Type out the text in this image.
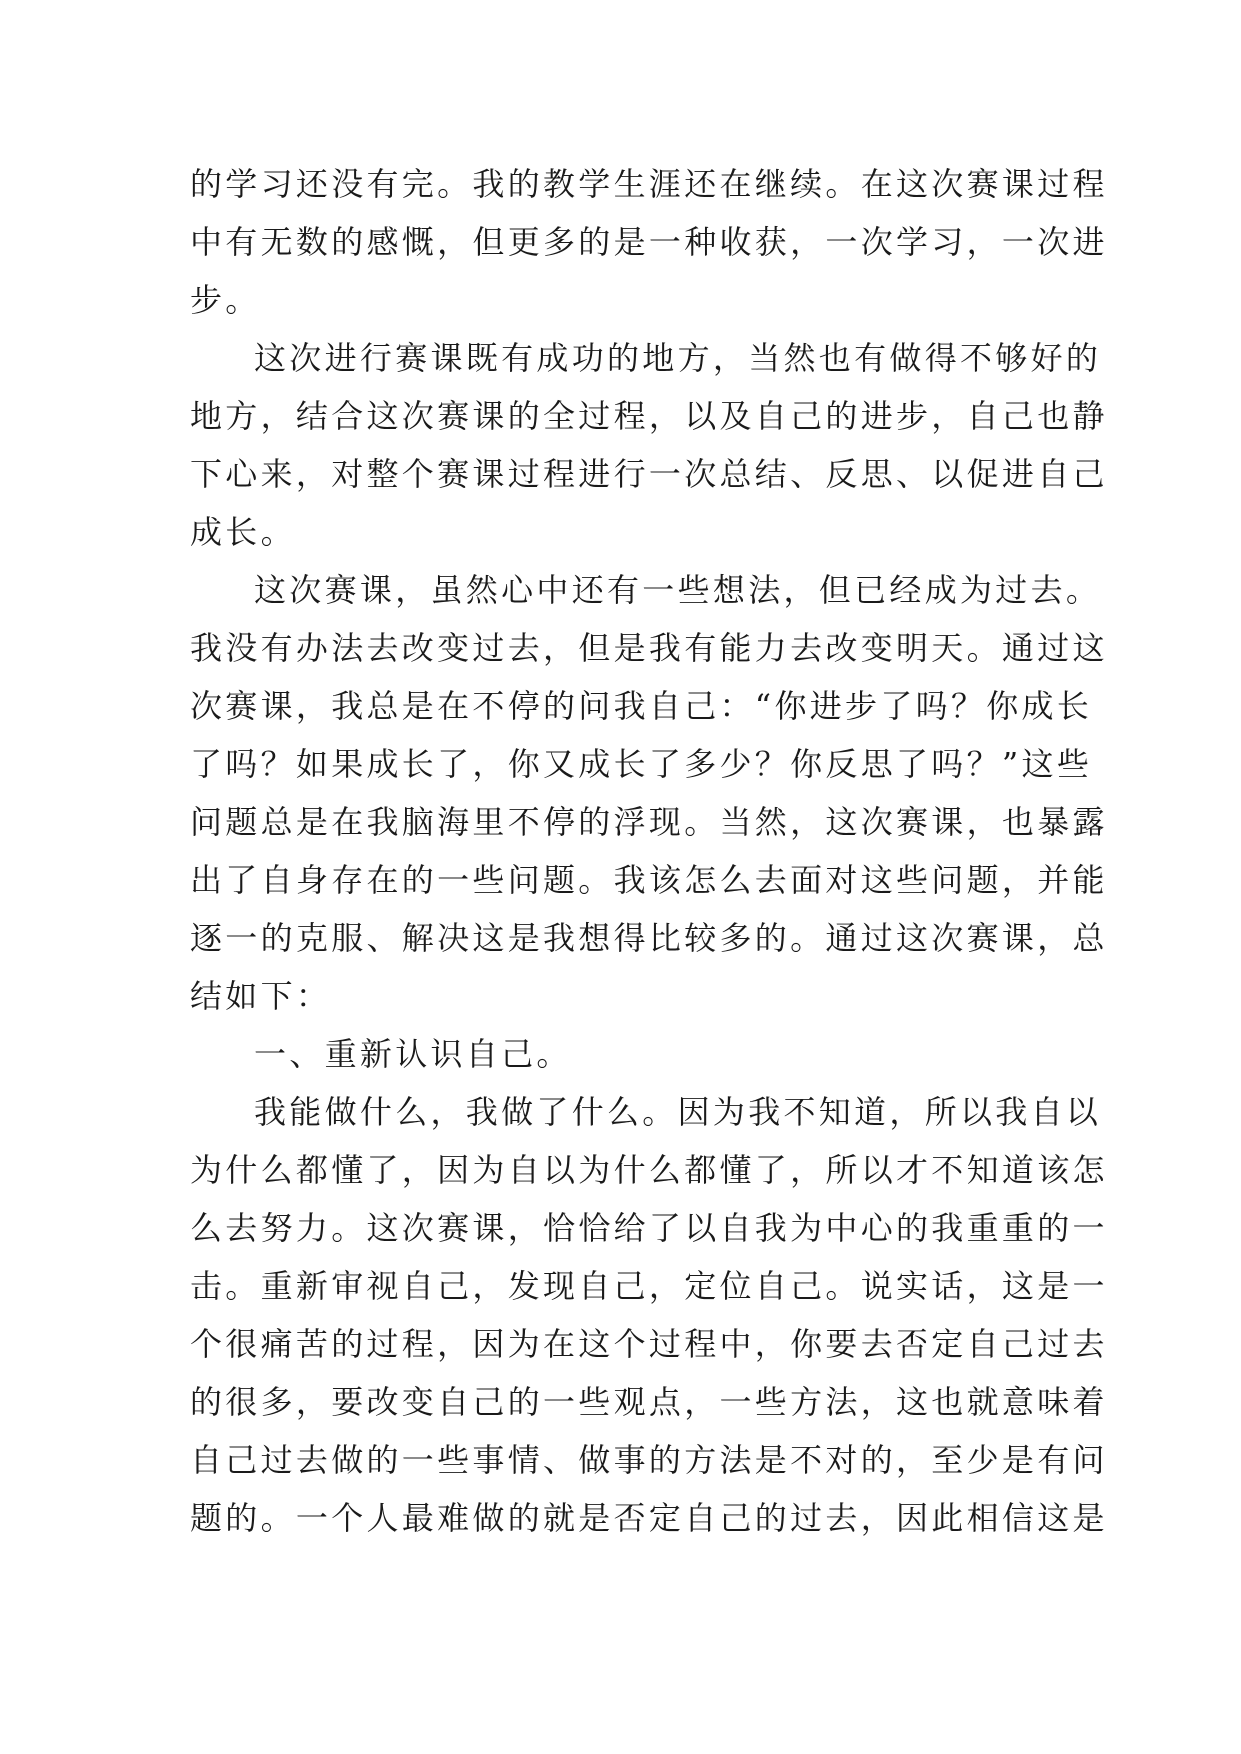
的学习还没有完。我的教学生涯还在继续。在这次赛课过程
中有无数的感慨，但更多的是一种收获，一次学习，一次进
步。
这次进行赛课既有成功的地方，当然也有做得不够好的
地方，结合这次赛课的全过程，以及自己的进步，自己也静
下心来，对整个赛课过程进行一次总结、反思、以促进自己
成长。
这次赛课，虽然心中还有一些想法，但已经成为过去。
我没有办法去改变过去，但是我有能力去改变明天。通过这
次赛课，我总是在不停的问我自己：“你进步了吗？你成长
了吗？如果成长了，你又成长了多少？你反思了吗？”这些
问题总是在我脑海里不停的浮现。当然，这次赛课，也暴露
出了自身存在的一些问题。我该怎么去面对这些问题，并能
逐一的克服、解决这是我想得比较多的。通过这次赛课，总
结如下：
一、重新认识自己。
我能做什么，我做了什么。因为我不知道，所以我自以
为什么都懂了，因为自以为什么都懂了，所以才不知道该怎
么去努力。这次赛课，恰恰给了以自我为中心的我重重的一
击。重新审视自己，发现自己，定位自己。说实话，这是一
个很痛苦的过程，因为在这个过程中，你要去否定自己过去
的很多，要改变自己的一些观点，一些方法，这也就意味着
自己过去做的一些事情、做事的方法是不对的，至少是有问
题的。一个人最难做的就是否定自己的过去，因此相信这是
